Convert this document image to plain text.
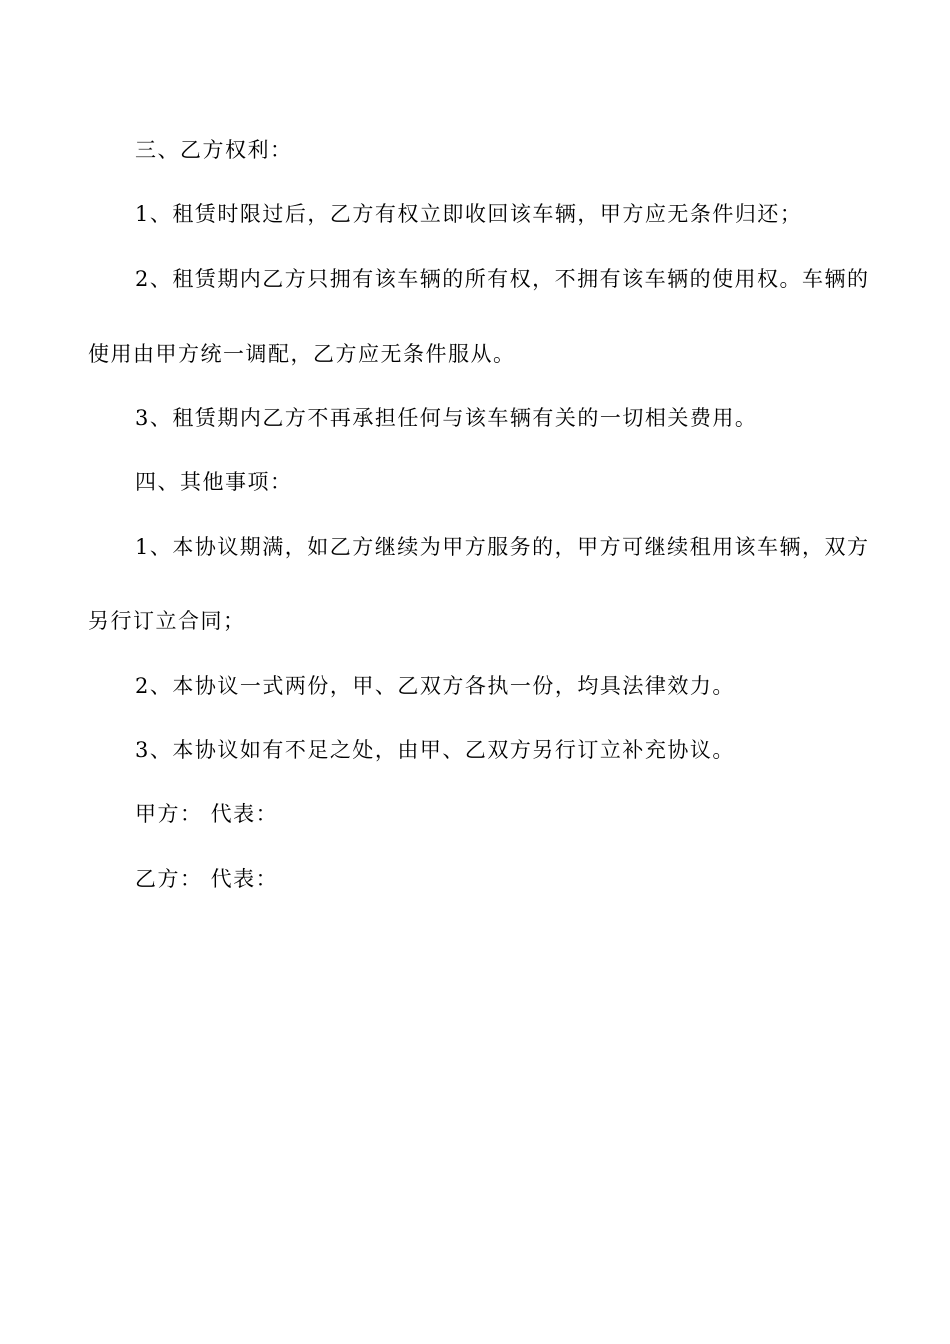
三、乙方权利：
1、租赁时限过后，乙方有权立即收回该车辆，甲方应无条件归还；
2、租赁期内乙方只拥有该车辆的所有权，不拥有该车辆的使用权。车辆的
使用由甲方统一调配，乙方应无条件服从。
3、租赁期内乙方不再承担任何与该车辆有关的一切相关费用。
四、其他事项：
1、本协议期满，如乙方继续为甲方服务的，甲方可继续租用该车辆，双方
另行订立合同；
2、本协议一式两份，甲、乙双方各执一份，均具法律效力。
3、本协议如有不足之处，由甲、乙双方另行订立补充协议。
甲方： 代表：
乙方： 代表：
